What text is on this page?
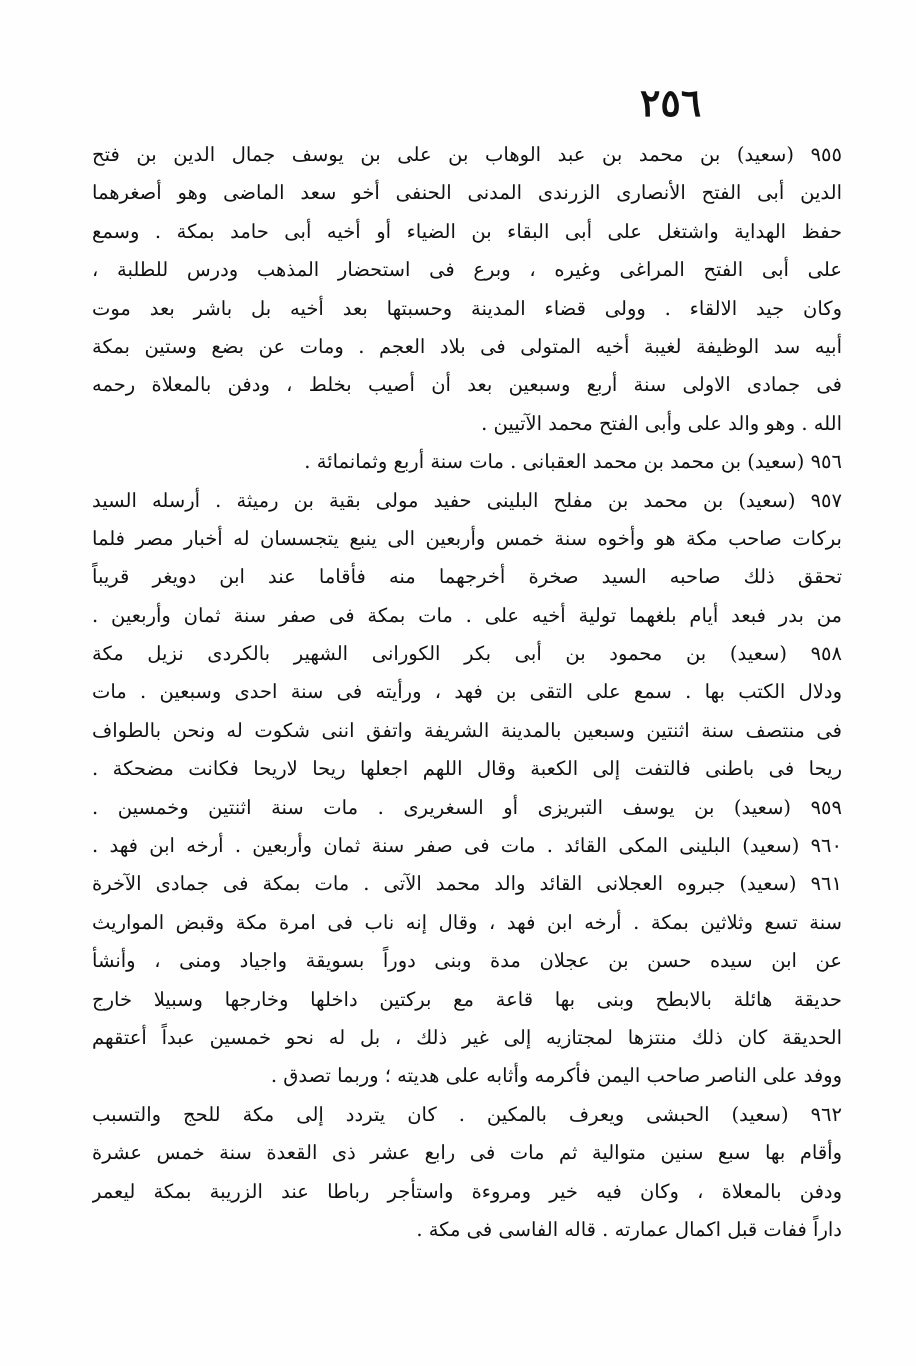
٢٥٦
٩٥٥ (سعيد) بن محمد بن عبد الوهاب بن على بن يوسف جمال الدين بن فتح
الدين أبى الفتح الأنصارى الزرندى المدنى الحنفى أخو سعد الماضى وهو أصغرهما
حفظ الهداية واشتغل على أبى البقاء بن الضياء أو أخيه أبى حامد بمكة . وسمع
على أبى الفتح المراغى وغيره ، وبرع فى استحضار المذهب ودرس للطلبة ،
وكان جيد الالقاء . وولى قضاء المدينة وحسبتها بعد أخيه بل باشر بعد موت
أبيه سد الوظيفة لغيبة أخيه المتولى فى بلاد العجم . ومات عن بضع وستين بمكة
فى جمادى الاولى سنة أربع وسبعين بعد أن أصيب بخلط ، ودفن بالمعلاة رحمه
الله . وهو والد على وأبى الفتح محمد الآتيين .
٩٥٦ (سعيد) بن محمد بن محمد العقبانى . مات سنة أربع وثمانمائة .
٩٥٧ (سعيد) بن محمد بن مفلح البلينى حفيد مولى بقية بن رميثة . أرسله السيد
بركات صاحب مكة هو وأخوه سنة خمس وأربعين الى ينبع يتجسسان له أخبار مصر فلما
تحقق ذلك صاحبه السيد صخرة أخرجهما منه فأقاما عند ابن دويغر قريباً
من بدر فبعد أيام بلغهما تولية أخيه على . مات بمكة فى صفر سنة ثمان وأربعين .
٩٥٨ (سعيد) بن محمود بن أبى بكر الكورانى الشهير بالكردى نزيل مكة
ودلال الكتب بها . سمع على التقى بن فهد ، ورأيته فى سنة احدى وسبعين . مات
فى منتصف سنة اثنتين وسبعين بالمدينة الشريفة واتفق اننى شكوت له ونحن بالطواف
ريحا فى باطنى فالتفت إلى الكعبة وقال اللهم اجعلها ريحا لاريحا فكانت مضحكة .
٩٥٩ (سعيد) بن يوسف التبريزى أو السغريرى . مات سنة اثنتين وخمسين .
٩٦٠ (سعيد) البلينى المكى القائد . مات فى صفر سنة ثمان وأربعين . أرخه ابن فهد .
٩٦١ (سعيد) جبروه العجلانى القائد والد محمد الآتى . مات بمكة فى جمادى الآخرة
سنة تسع وثلاثين بمكة . أرخه ابن فهد ، وقال إنه ناب فى امرة مكة وقبض المواريث
عن ابن سيده حسن بن عجلان مدة وبنى دوراً بسويقة واجياد ومنى ، وأنشأ
حديقة هائلة بالابطح وبنى بها قاعة مع بركتين داخلها وخارجها وسبيلا خارج
الحديقة كان ذلك منتزها لمجتازيه إلى غير ذلك ، بل له نحو خمسين عبداً أعتقهم
ووفد على الناصر صاحب اليمن فأكرمه وأثابه على هديته ؛ وربما تصدق .
٩٦٢ (سعيد) الحبشى ويعرف بالمكين . كان يتردد إلى مكة للحج والتسبب
وأقام بها سبع سنين متوالية ثم مات فى رابع عشر ذى القعدة سنة خمس عشرة
ودفن بالمعلاة ، وكان فيه خير ومروءة واستأجر رباطا عند الزريبة بمكة ليعمر
داراً ففات قبل اكمال عمارته . قاله الفاسى فى مكة .
